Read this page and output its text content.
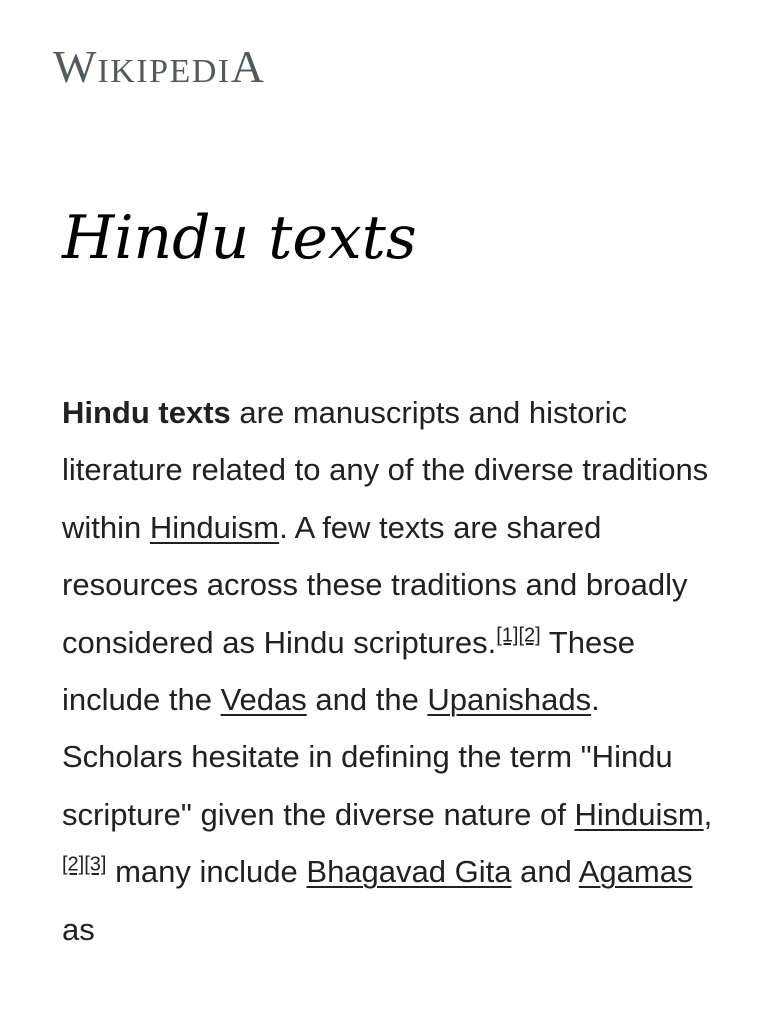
WIKIPEDIA
Hindu texts

Hindu texts are manuscripts and historic literature related to any of the diverse traditions within Hinduism. A few texts are shared resources across these traditions and broadly considered as Hindu scriptures.[1][2] These include the Vedas and the Upanishads. Scholars hesitate in defining the term "Hindu scripture" given the diverse nature of Hinduism,[2][3] many include Bhagavad Gita and Agamas as
